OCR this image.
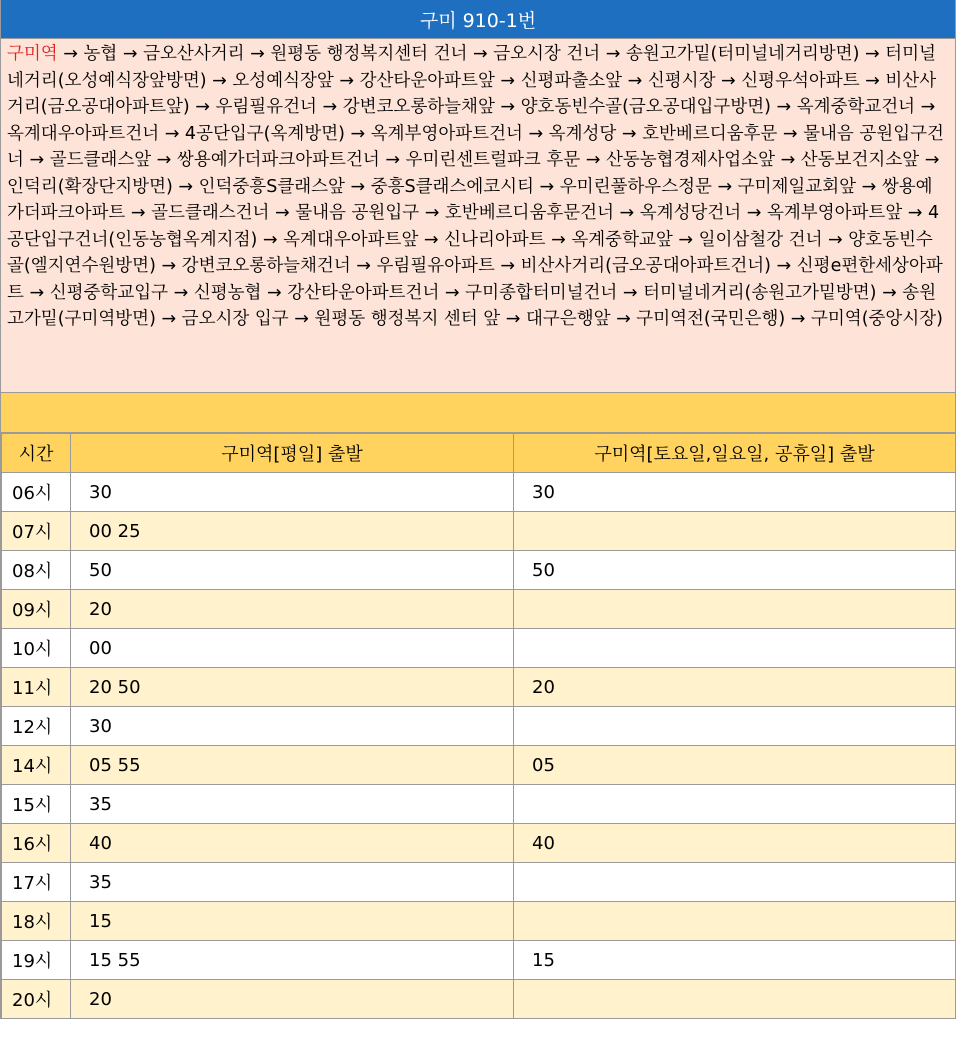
구미 910-1번
구미역 → 농협 → 금오산사거리 → 원평동 행정복지센터 건너 → 금오시장 건너 → 송원고가밑(터미널네거리방면) → 터미널네거리(오성예식장앞방면) → 오성예식장앞 → 강산타운아파트앞 → 신평파출소앞 → 신평시장 → 신평우석아파트 → 비산사거리(금오공대아파트앞) → 우림필유건너 → 강변코오롱하늘채앞 → 양호동빈수골(금오공대입구방면) → 옥계중학교건너 → 옥계대우아파트건너 → 4공단입구(옥계방면) → 옥계부영아파트건너 → 옥계성당 → 호반베르디움후문 → 물내음 공원입구건너 → 골드클래스앞 → 쌍용예가더파크아파트건너 → 우미린센트럴파크 후문 → 산동농협경제사업소앞 → 산동보건지소앞 → 인덕리(확장단지방면) → 인덕중흥S클래스앞 → 중흥S클래스에코시티 → 우미린풀하우스정문 → 구미제일교회앞 → 쌍용예가더파크아파트 → 골드클래스건너 → 물내음 공원입구 → 호반베르디움후문건너 → 옥계성당건너 → 옥계부영아파트앞 → 4공단입구건너(인동농협옥계지점) → 옥계대우아파트앞 → 신나리아파트 → 옥계중학교앞 → 일이삼철강 건너 → 양호동빈수골(엘지연수원방면) → 강변코오롱하늘채건너 → 우림필유아파트 → 비산사거리(금오공대아파트건너) → 신평e편한세상아파트 → 신평중학교입구 → 신평농협 → 강산타운아파트건너 → 구미종합터미널건너 → 터미널네거리(송원고가밑방면) → 송원고가밑(구미역방면) → 금오시장 입구 → 원평동 행정복지 센터 앞 → 대구은행앞 → 구미역전(국민은행) → 구미역(중앙시장)
시간	구미역[평일] 출발	구미역[토요일,일요일, 공휴일] 출발
06시	30	30
07시	00 25	
08시	50	50
09시	20	
10시	00	
11시	20 50	20
12시	30	
14시	05 55	05
15시	35	
16시	40	40
17시	35	
18시	15	
19시	15 55	15
20시	20	
